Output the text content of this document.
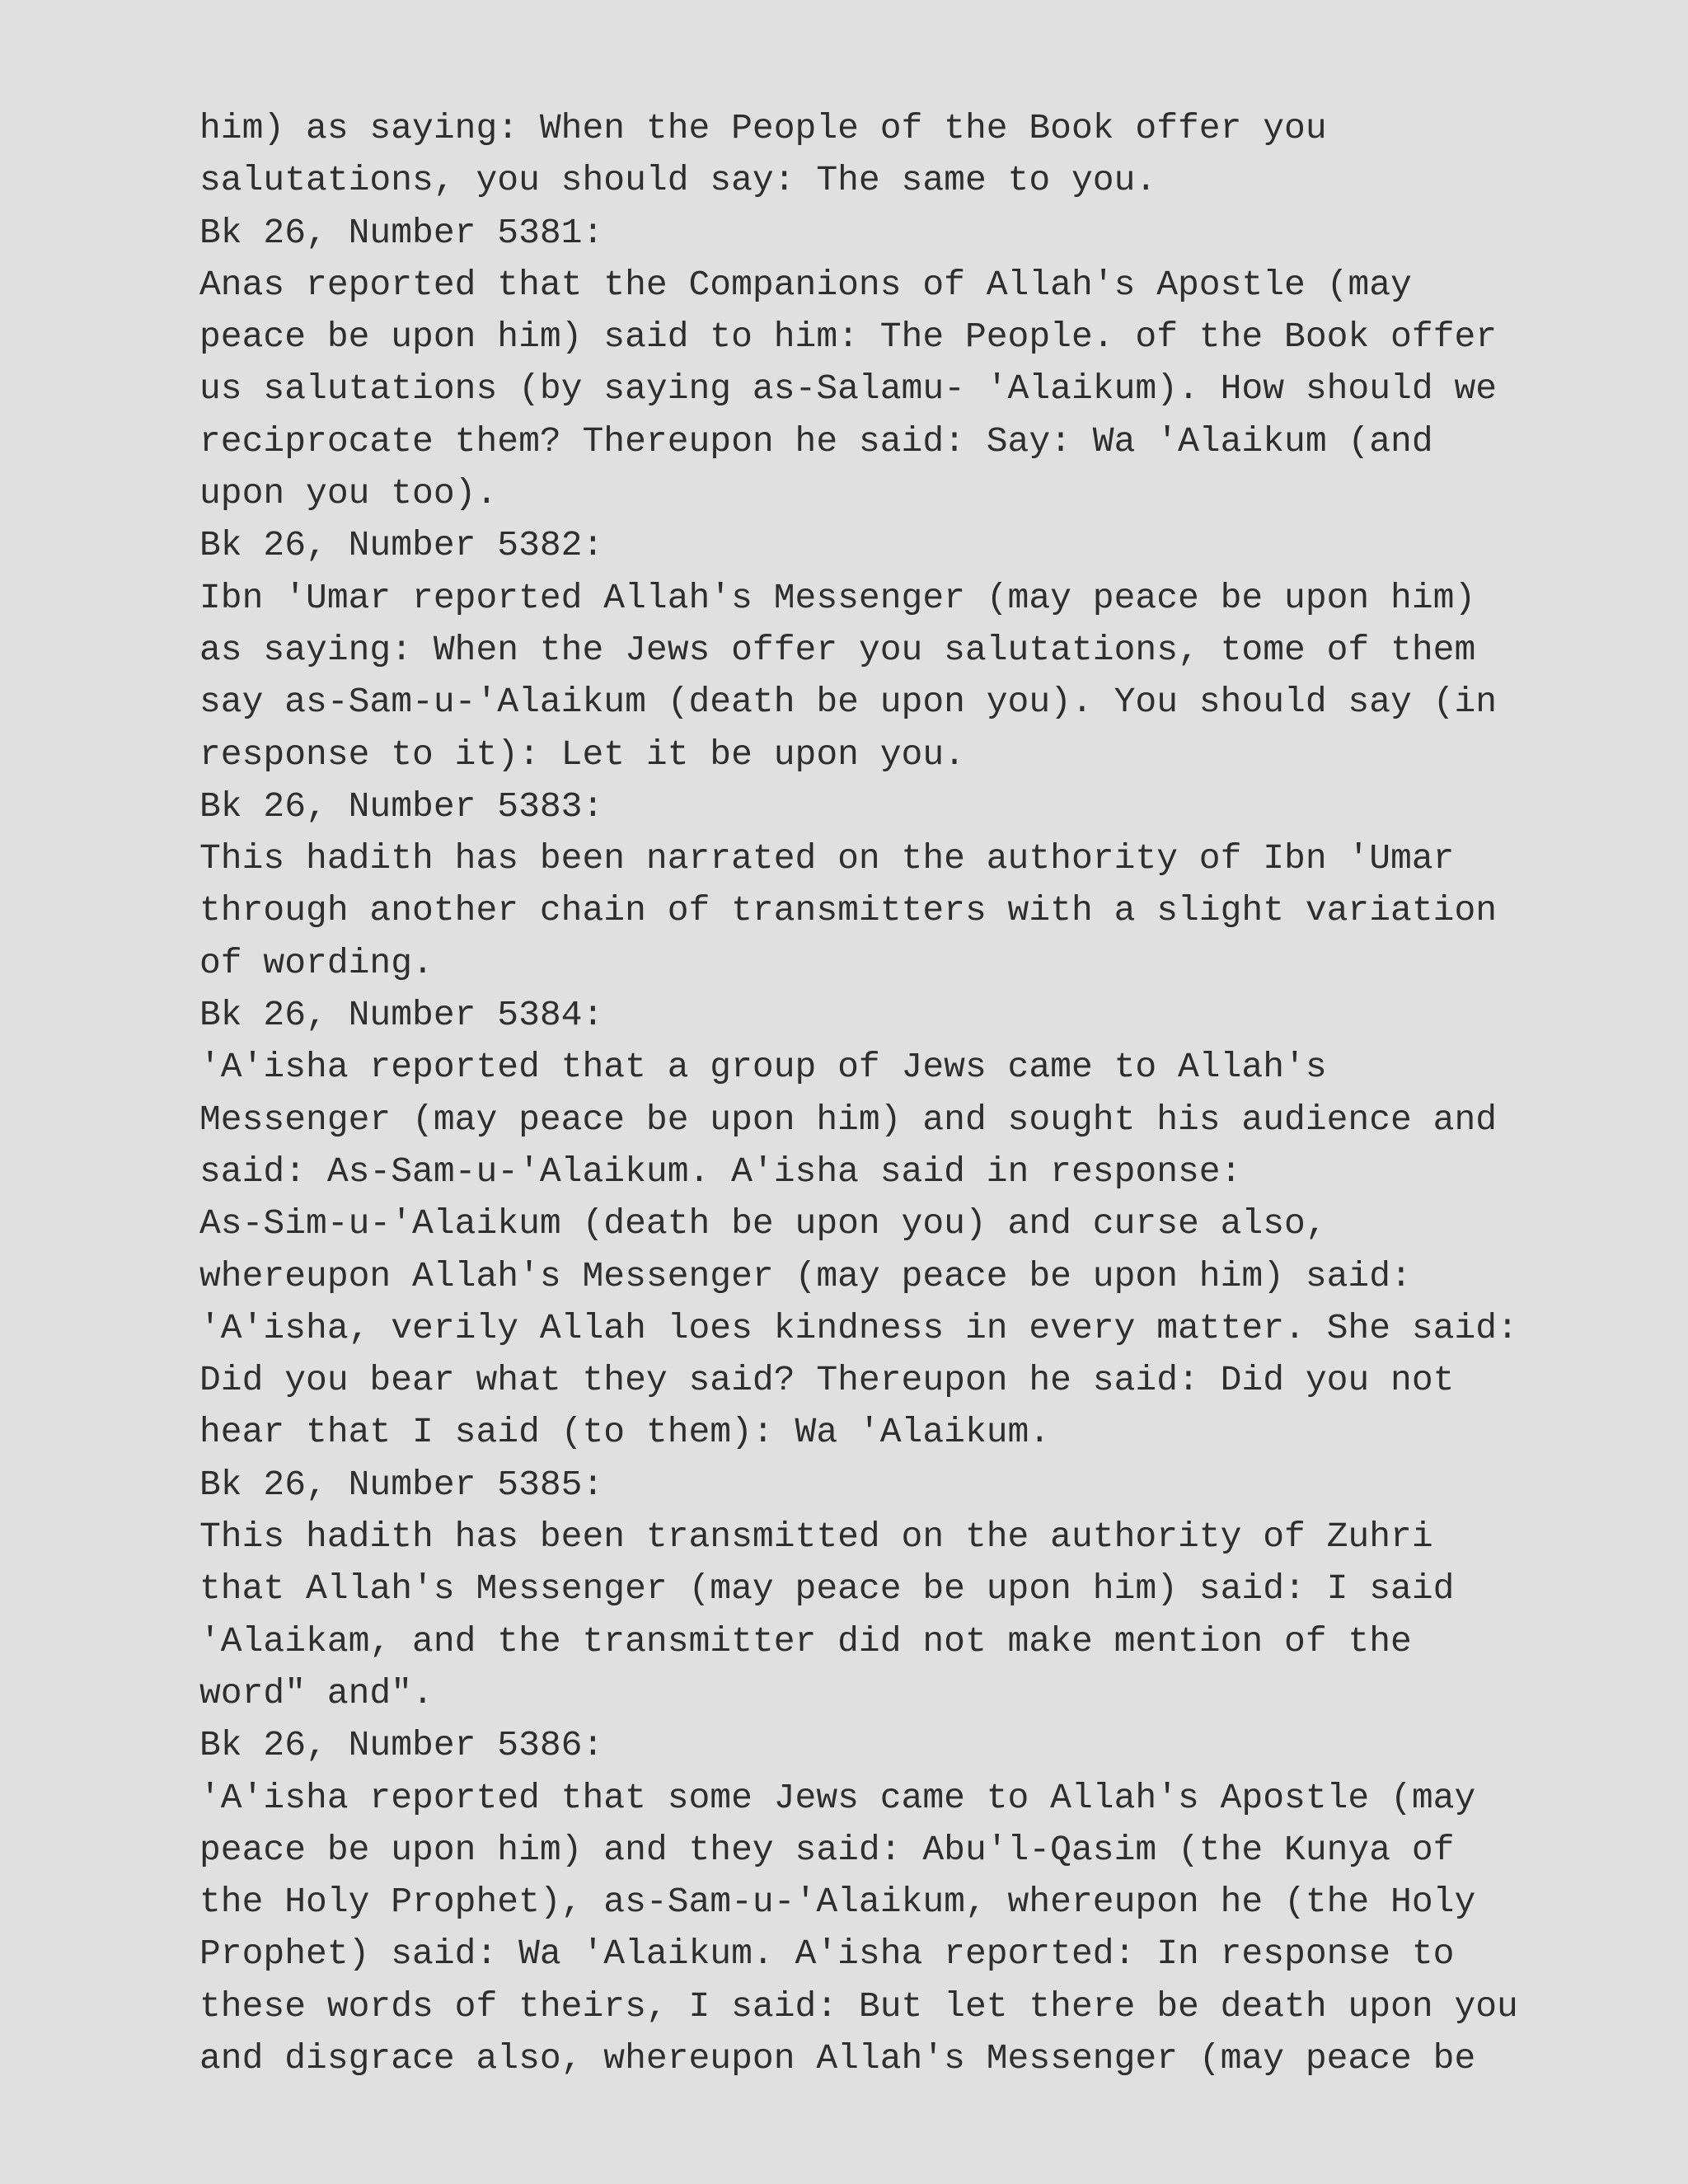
him) as saying: When the People of the Book offer you
salutations, you should say: The same to you.
Bk 26, Number 5381:
Anas reported that the Companions of Allah's Apostle (may
peace be upon him) said to him: The People. of the Book offer
us salutations (by saying as-Salamu- 'Alaikum). How should we
reciprocate them? Thereupon he said: Say: Wa 'Alaikum (and
upon you too).
Bk 26, Number 5382:
Ibn 'Umar reported Allah's Messenger (may peace be upon him)
as saying: When the Jews offer you salutations, tome of them
say as-Sam-u-'Alaikum (death be upon you). You should say (in
response to it): Let it be upon you.
Bk 26, Number 5383:
This hadith has been narrated on the authority of Ibn 'Umar
through another chain of transmitters with a slight variation
of wording.
Bk 26, Number 5384:
'A'isha reported that a group of Jews came to Allah's
Messenger (may peace be upon him) and sought his audience and
said: As-Sam-u-'Alaikum. A'isha said in response:
As-Sim-u-'Alaikum (death be upon you) and curse also,
whereupon Allah's Messenger (may peace be upon him) said:
'A'isha, verily Allah loes kindness in every matter. She said:
Did you bear what they said? Thereupon he said: Did you not
hear that I said (to them): Wa 'Alaikum.
Bk 26, Number 5385:
This hadith has been transmitted on the authority of Zuhri
that Allah's Messenger (may peace be upon him) said: I said
'Alaikam, and the transmitter did not make mention of the
word" and".
Bk 26, Number 5386:
'A'isha reported that some Jews came to Allah's Apostle (may
peace be upon him) and they said: Abu'l-Qasim (the Kunya of
the Holy Prophet), as-Sam-u-'Alaikum, whereupon he (the Holy
Prophet) said: Wa 'Alaikum. A'isha reported: In response to
these words of theirs, I said: But let there be death upon you
and disgrace also, whereupon Allah's Messenger (may peace be
